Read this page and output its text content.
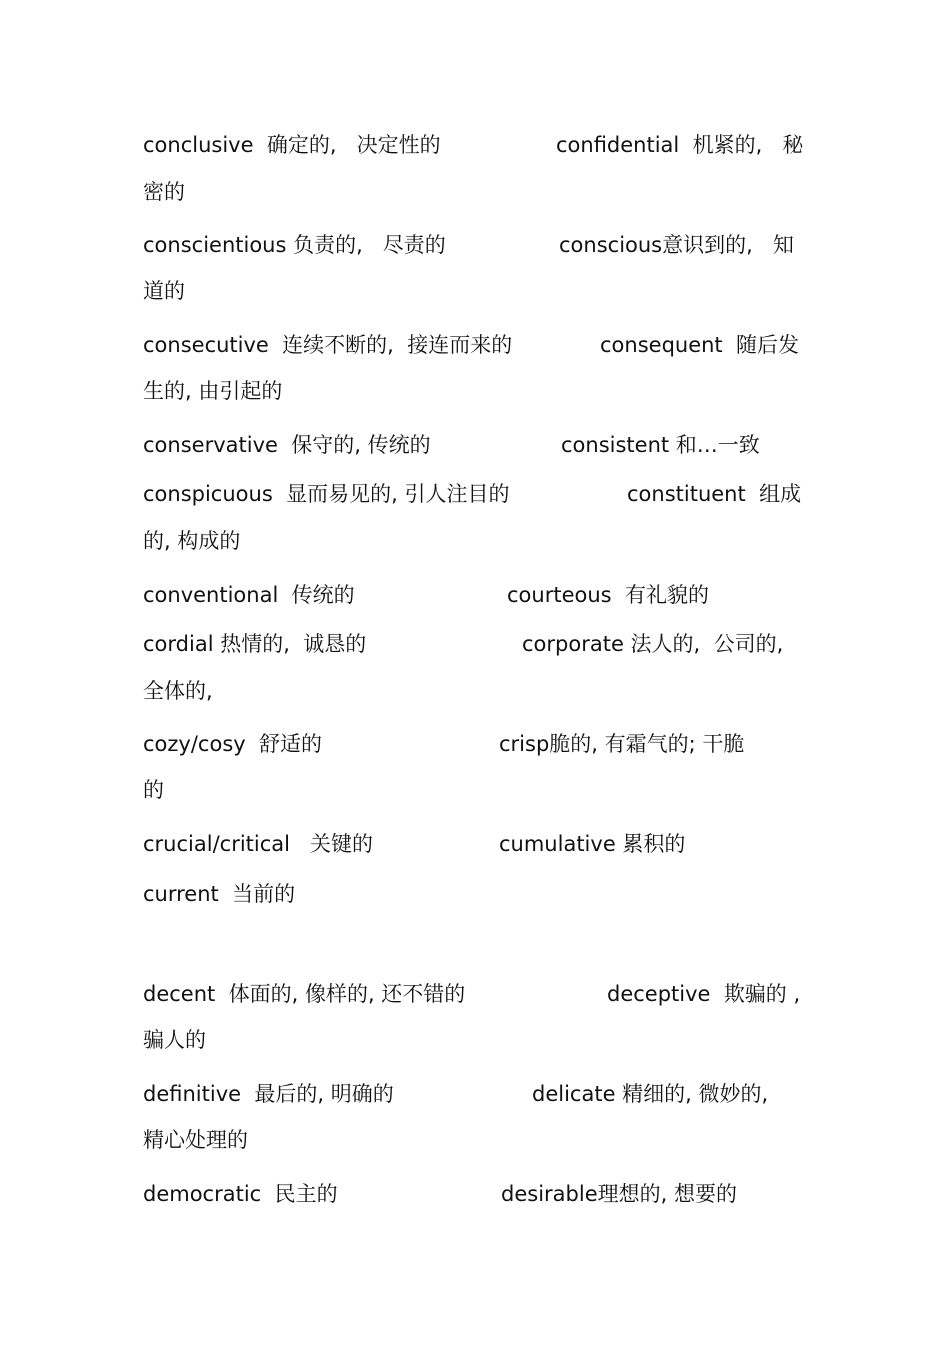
conclusive  确定的,   决定性的	confidential  机紧的,   秘
密的
conscientious 负责的,   尽责的	conscious意识到的,   知
道的
consecutive  连续不断的,  接连而来的	consequent  随后发
生的, 由引起的
conservative  保守的, 传统的	consistent 和…一致
conspicuous  显而易见的, 引人注目的	constituent  组成
的, 构成的
conventional  传统的	courteous  有礼貌的
cordial 热情的,  诚恳的	corporate 法人的,  公司的,
全体的,
cozy/cosy  舒适的	crisp脆的, 有霜气的; 干脆
的
crucial/critical   关键的	cumulative 累积的
current  当前的
decent  体面的, 像样的, 还不错的	deceptive  欺骗的 ,
骗人的
definitive  最后的, 明确的	delicate 精细的, 微妙的,
精心处理的
democratic  民主的	desirable理想的, 想要的
